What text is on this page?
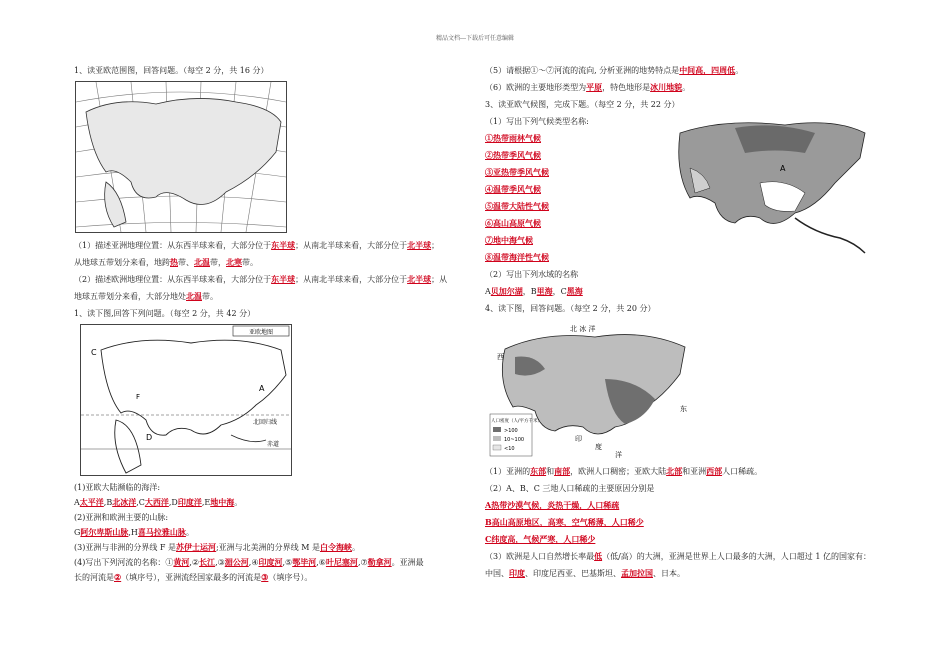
精品文档---下载后可任意编辑
1、读亚欧范围图，回答问题。（每空 2 分，共 16 分）
（1）描述亚洲地理位置：从东西半球来看，大部分位于东半球；从南北半球来看，大部分位于北半球；
从地球五带划分来看，地跨热带、北温带，北寒带。
（2）描述欧洲地理位置：从东西半球来看，大部分位于东半球；从南北半球来看，大部分位于北半球；从
地球五带划分来看，大部分地处北温带。
1、读下图,回答下列问题。（每空 2 分，共 42 分）
亚欧地图
C
A
D
F
北回归线
赤道
(1)亚欧大陆濒临的海洋:
A太平洋,B北冰洋,C大西洋,D印度洋,E地中海。
(2)亚洲和欧洲主要的山脉:
G阿尔卑斯山脉,H喜马拉雅山脉。
(3)亚洲与非洲的分界线 F 是苏伊士运河;亚洲与北美洲的分界线 M 是白令海峡。
(4)写出下列河流的名称：①黄河,②长江,③湄公河,④印度河,⑤鄂毕河,⑥叶尼塞河,⑦勒拿河。亚洲最
长的河流是②（填序号），亚洲流经国家最多的河流是③（填序号）。
（5）请根据①～⑦河流的流向, 分析亚洲的地势特点是中间高，四周低。
（6）欧洲的主要地形类型为平原，特色地形是冰川地貌。
3、读亚欧气候图，完成下题。（每空 2 分，共 22 分）
（1）写出下列气候类型名称:
①热带雨林气候
②热带季风气候
③亚热带季风气候
④温带季风气候
⑤温带大陆性气候
⑥高山高原气候
⑦地中海气候
⑧温带海洋性气候
（2）写出下列水域的名称
A贝加尔湖，B里海，C黑海
A
4、读下图，回答问题。（每空 2 分，共 20 分）
人口密度（人/平方千米）
>100
10~100
<10
北 冰 洋
西
东
印
度
洋
（1）亚洲的东部和南部，欧洲人口稠密；亚欧大陆北部和亚洲西部人口稀疏。
（2）A、B、C 三地人口稀疏的主要原因分别是
A热带沙漠气候，炎热干燥，人口稀疏
B高山高原地区，高寒，空气稀薄，人口稀少
C纬度高，气候严寒，人口稀少
（3）欧洲是人口自然增长率最低（低/高）的大洲，亚洲是世界上人口最多的大洲，人口超过 1 亿的国家有：
中国、印度、印度尼西亚、巴基斯坦、孟加拉国、日本。
